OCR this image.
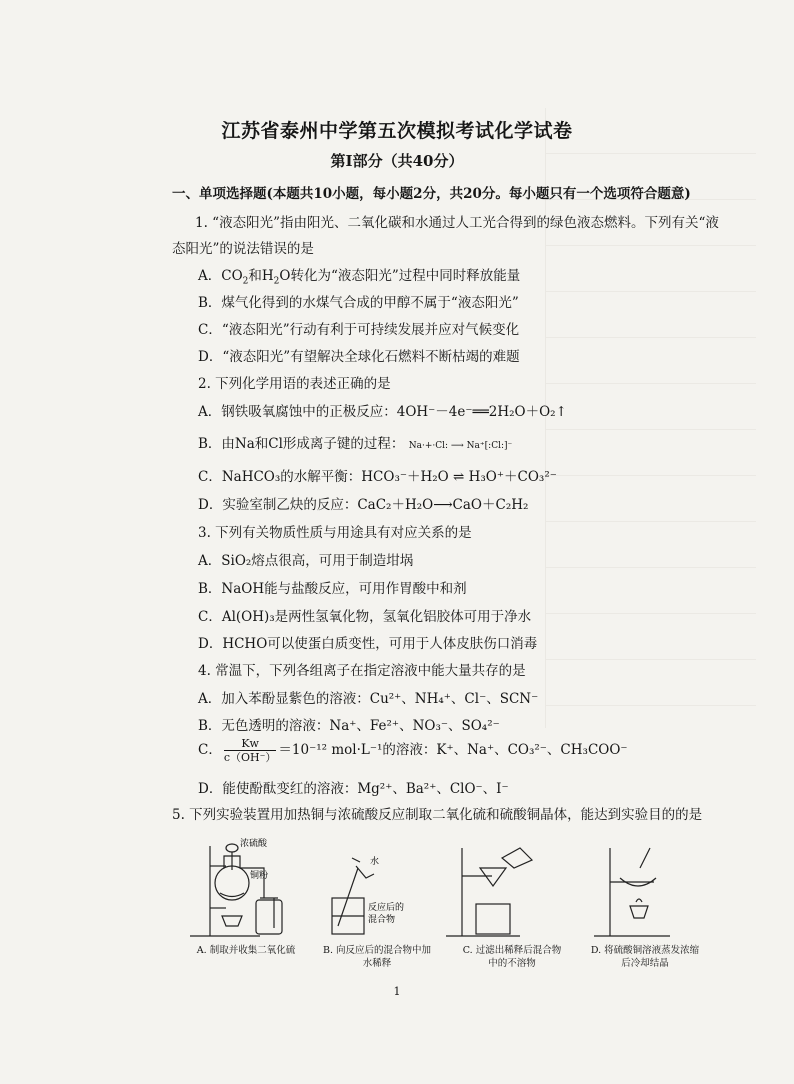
江苏省泰州中学第五次模拟考试化学试卷
第Ⅰ部分（共40分）
一、单项选择题(本题共10小题，每小题2分，共20分。每小题只有一个选项符合题意)
1. “液态阳光”指由阳光、二氧化碳和水通过人工光合得到的绿色液态燃料。下列有关“液
态阳光”的说法错误的是
A．$CO_2$和$H_2O$转化为“液态阳光”过程中同时释放能量
B．煤气化得到的水煤气合成的甲醇不属于“液态阳光”
C．“液态阳光”行动有利于可持续发展并应对气候变化
D．“液态阳光”有望解决全球化石燃料不断枯竭的难题
2. 下列化学用语的表述正确的是
A．钢铁吸氧腐蚀中的正极反应：4OH⁻－4e⁻══2H₂O＋O₂↑
B．由Na和Cl形成离子键的过程： Na·+·Cl: ⟶ Na⁺[:Cl:]⁻
C．NaHCO₃的水解平衡：HCO₃⁻＋H₂O ⇌ H₃O⁺＋CO₃²⁻
D．实验室制乙炔的反应：CaC₂＋H₂O⟶CaO＋C₂H₂
3. 下列有关物质性质与用途具有对应关系的是
A．SiO₂熔点很高，可用于制造坩埚
B．NaOH能与盐酸反应，可用作胃酸中和剂
C．Al(OH)₃是两性氢氧化物，氢氧化铝胶体可用于净水
D．HCHO可以使蛋白质变性，可用于人体皮肤伤口消毒
4. 常温下，下列各组离子在指定溶液中能大量共存的是
A．加入苯酚显紫色的溶液：Cu²⁺、NH₄⁺、Cl⁻、SCN⁻
B．无色透明的溶液：Na⁺、Fe²⁺、NO₃⁻、SO₄²⁻
C． $\frac{Kw}{c(OH^-)} =10^{-12}$ mol·L⁻¹的溶液：K⁺、Na⁺、CO₃²⁻、CH₃COO⁻
D．能使酚酞变红的溶液：Mg²⁺、Ba²⁺、ClO⁻、I⁻
5. 下列实验装置用加热铜与浓硫酸反应制取二氧化硫和硫酸铜晶体，能达到实验目的的是
浓硫酸
铜粉
水
反应后的
混合物
A. 制取并收集二氧化硫	B. 向反应后的混合物中加
水稀释
C. 过滤出稀释后混合物
中的不溶物
D. 将硫酸铜溶液蒸发浓缩
后冷却结晶
1
